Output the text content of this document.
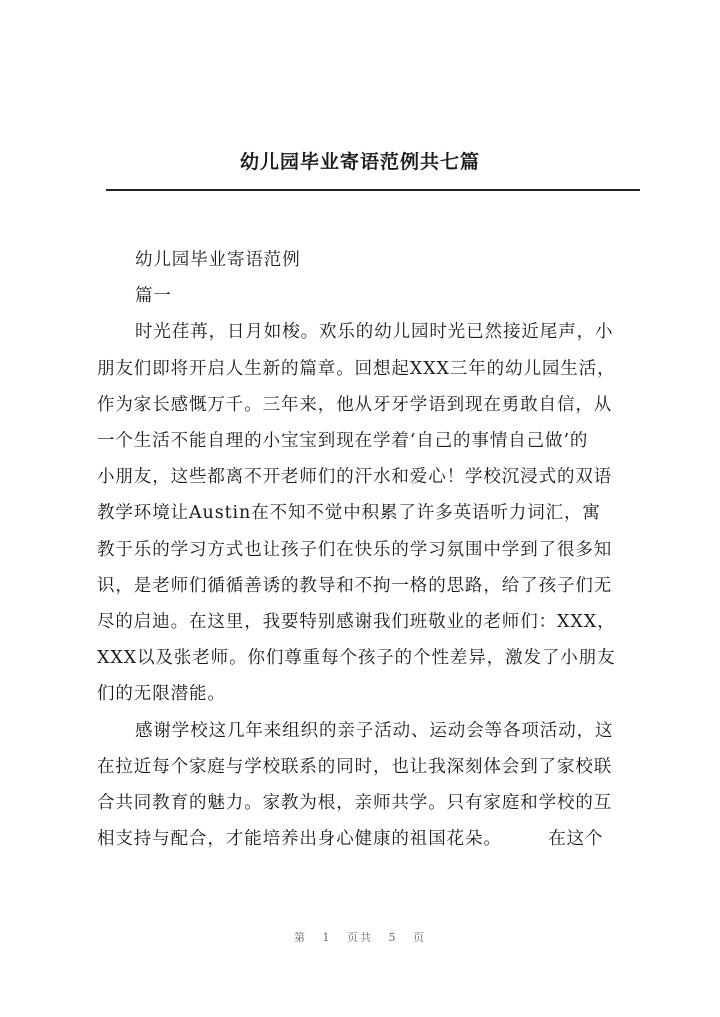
幼儿园毕业寄语范例共七篇
幼儿园毕业寄语范例
篇一
时光荏苒，日月如梭。欢乐的幼儿园时光已然接近尾声，小
朋友们即将开启人生新的篇章。回想起XXX三年的幼儿园生活，
作为家长感慨万千。三年来，他从牙牙学语到现在勇敢自信，从
一个生活不能自理的小宝宝到现在学着‘自己的事情自己做’的
小朋友，这些都离不开老师们的汗水和爱心！学校沉浸式的双语
教学环境让Austin在不知不觉中积累了许多英语听力词汇，寓
教于乐的学习方式也让孩子们在快乐的学习氛围中学到了很多知
识，是老师们循循善诱的教导和不拘一格的思路，给了孩子们无
尽的启迪。在这里，我要特别感谢我们班敬业的老师们：XXX，
XXX以及张老师。你们尊重每个孩子的个性差异，激发了小朋友
们的无限潜能。
感谢学校这几年来组织的亲子活动、运动会等各项活动，这
在拉近每个家庭与学校联系的同时，也让我深刻体会到了家校联
合共同教育的魅力。家教为根，亲师共学。只有家庭和学校的互
相支持与配合，才能培养出身心健康的祖国花朵。　　　在这个
第 1 页共 5 页
